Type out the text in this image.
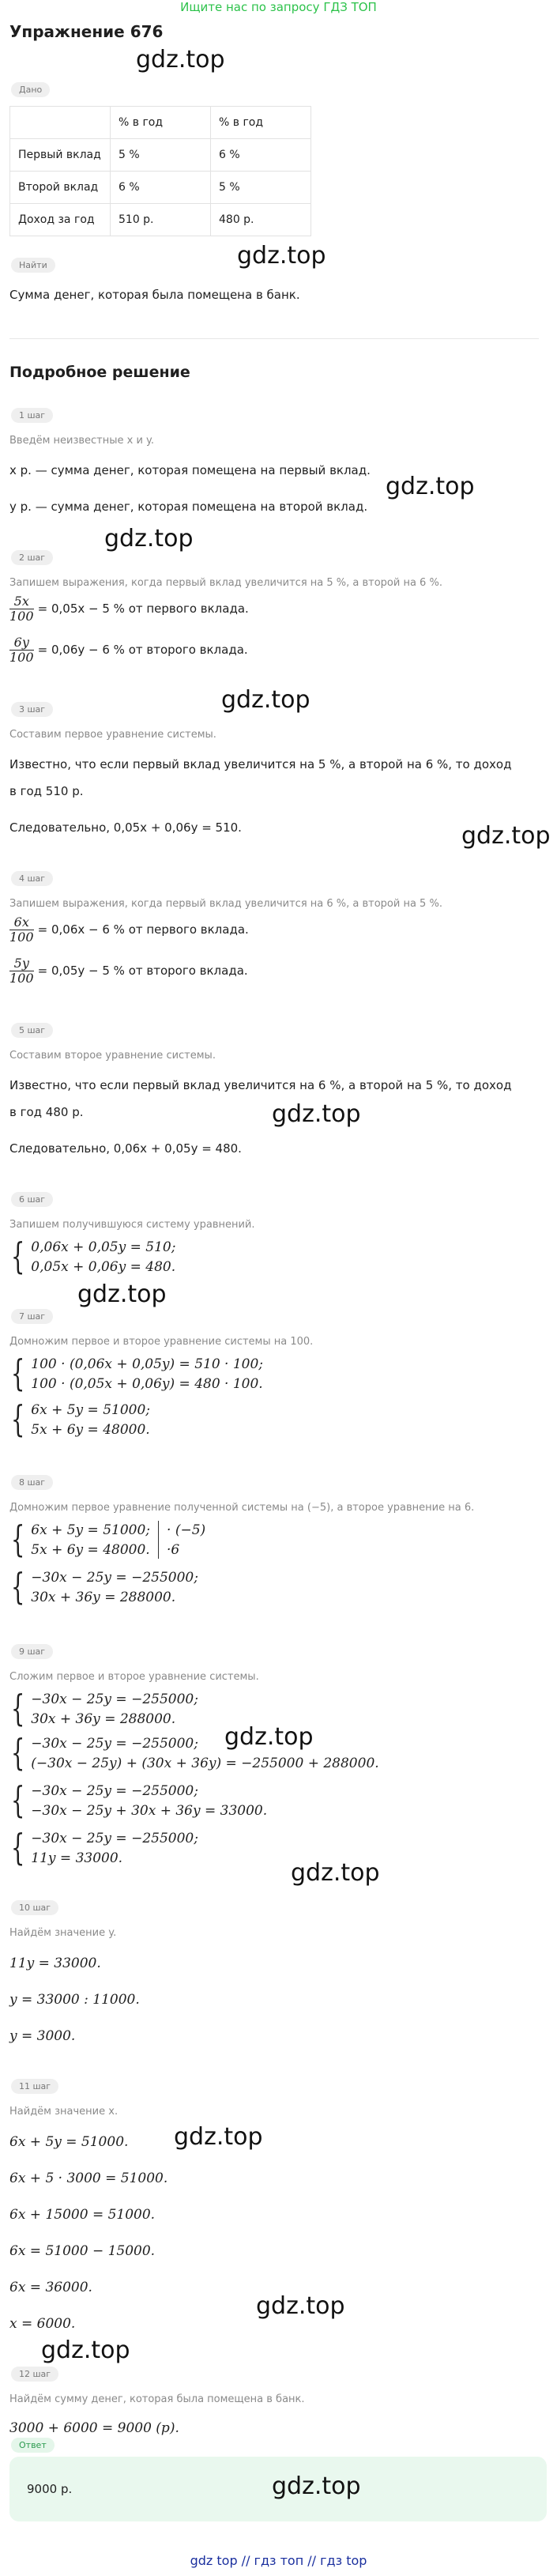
Ищите нас по запросу ГДЗ ТОП
Упражнение 676
Дано
	% в год	% в год
Первый вклад	5 %	6 %
Второй вклад	6 %	5 %
Доход за год	510 р.	480 р.
Найти
Сумма денег, которая была помещена в банк.
Подробное решение
1 шаг
Введём неизвестные x и y.
x р. — сумма денег, которая помещена на первый вклад.
y р. — сумма денег, которая помещена на второй вклад.
2 шаг
Запишем выражения, когда первый вклад увеличится на 5 %, а второй на 6 %.
$\frac{5x}{100} = 0,05x - 5$ % от первого вклада.
$\frac{6y}{100} = 0,06y - 6$ % от второго вклада.
3 шаг
Составим первое уравнение системы.
Известно, что если первый вклад увеличится на 5 %, а второй на 6 %, то доход
в год 510 р.
Следовательно, 0,05x + 0,06y = 510.
4 шаг
Запишем выражения, когда первый вклад увеличится на 6 %, а второй на 5 %.
$\frac{6x}{100} = 0,06x - 6$ % от первого вклада.
$\frac{5y}{100} = 0,05y - 5$ % от второго вклада.
5 шаг
Составим второе уравнение системы.
Известно, что если первый вклад увеличится на 6 %, а второй на 5 %, то доход
в год 480 р.
Следовательно, 0,06x + 0,05y = 480.
6 шаг
Запишем получившуюся систему уравнений.
{ 0,06x + 0,05y = 510;
0,05x + 0,06y = 480.
7 шаг
Домножим первое и второе уравнение системы на 100.
{ 100 · (0,06x + 0,05y) = 510 · 100;
100 · (0,05x + 0,06y) = 480 · 100.
{ 6x + 5y = 51000;
5x + 6y = 48000.
8 шаг
Домножим первое уравнение полученной системы на (−5), а второе уравнение на 6.
{ 6x + 5y = 51000;
5x + 6y = 48000.
· (−5)
·6
{ −30x − 25y = −255000;
30x + 36y = 288000.
9 шаг
Сложим первое и второе уравнение системы.
{ −30x − 25y = −255000;
30x + 36y = 288000.
{ −30x − 25y = −255000;
(−30x − 25y) + (30x + 36y) = −255000 + 288000.
{ −30x − 25y = −255000;
−30x − 25y + 30x + 36y = 33000.
{ −30x − 25y = −255000;
11y = 33000.
10 шаг
Найдём значение y.
11y = 33000.
y = 33000 : 11000.
y = 3000.
11 шаг
Найдём значение x.
6x + 5y = 51000.
6x + 5 · 3000 = 51000.
6x + 15000 = 51000.
6x = 51000 − 15000.
6x = 36000.
x = 6000.
12 шаг
Найдём сумму денег, которая была помещена в банк.
3000 + 6000 = 9000 (р).
Ответ
9000 р.
gdz.top
gdz.top
gdz.top
gdz.top
gdz.top
gdz.top
gdz.top
gdz.top
gdz.top
gdz.top
gdz.top
gdz.top
gdz.top
gdz.top
gdz top // гдз топ // гдз top
